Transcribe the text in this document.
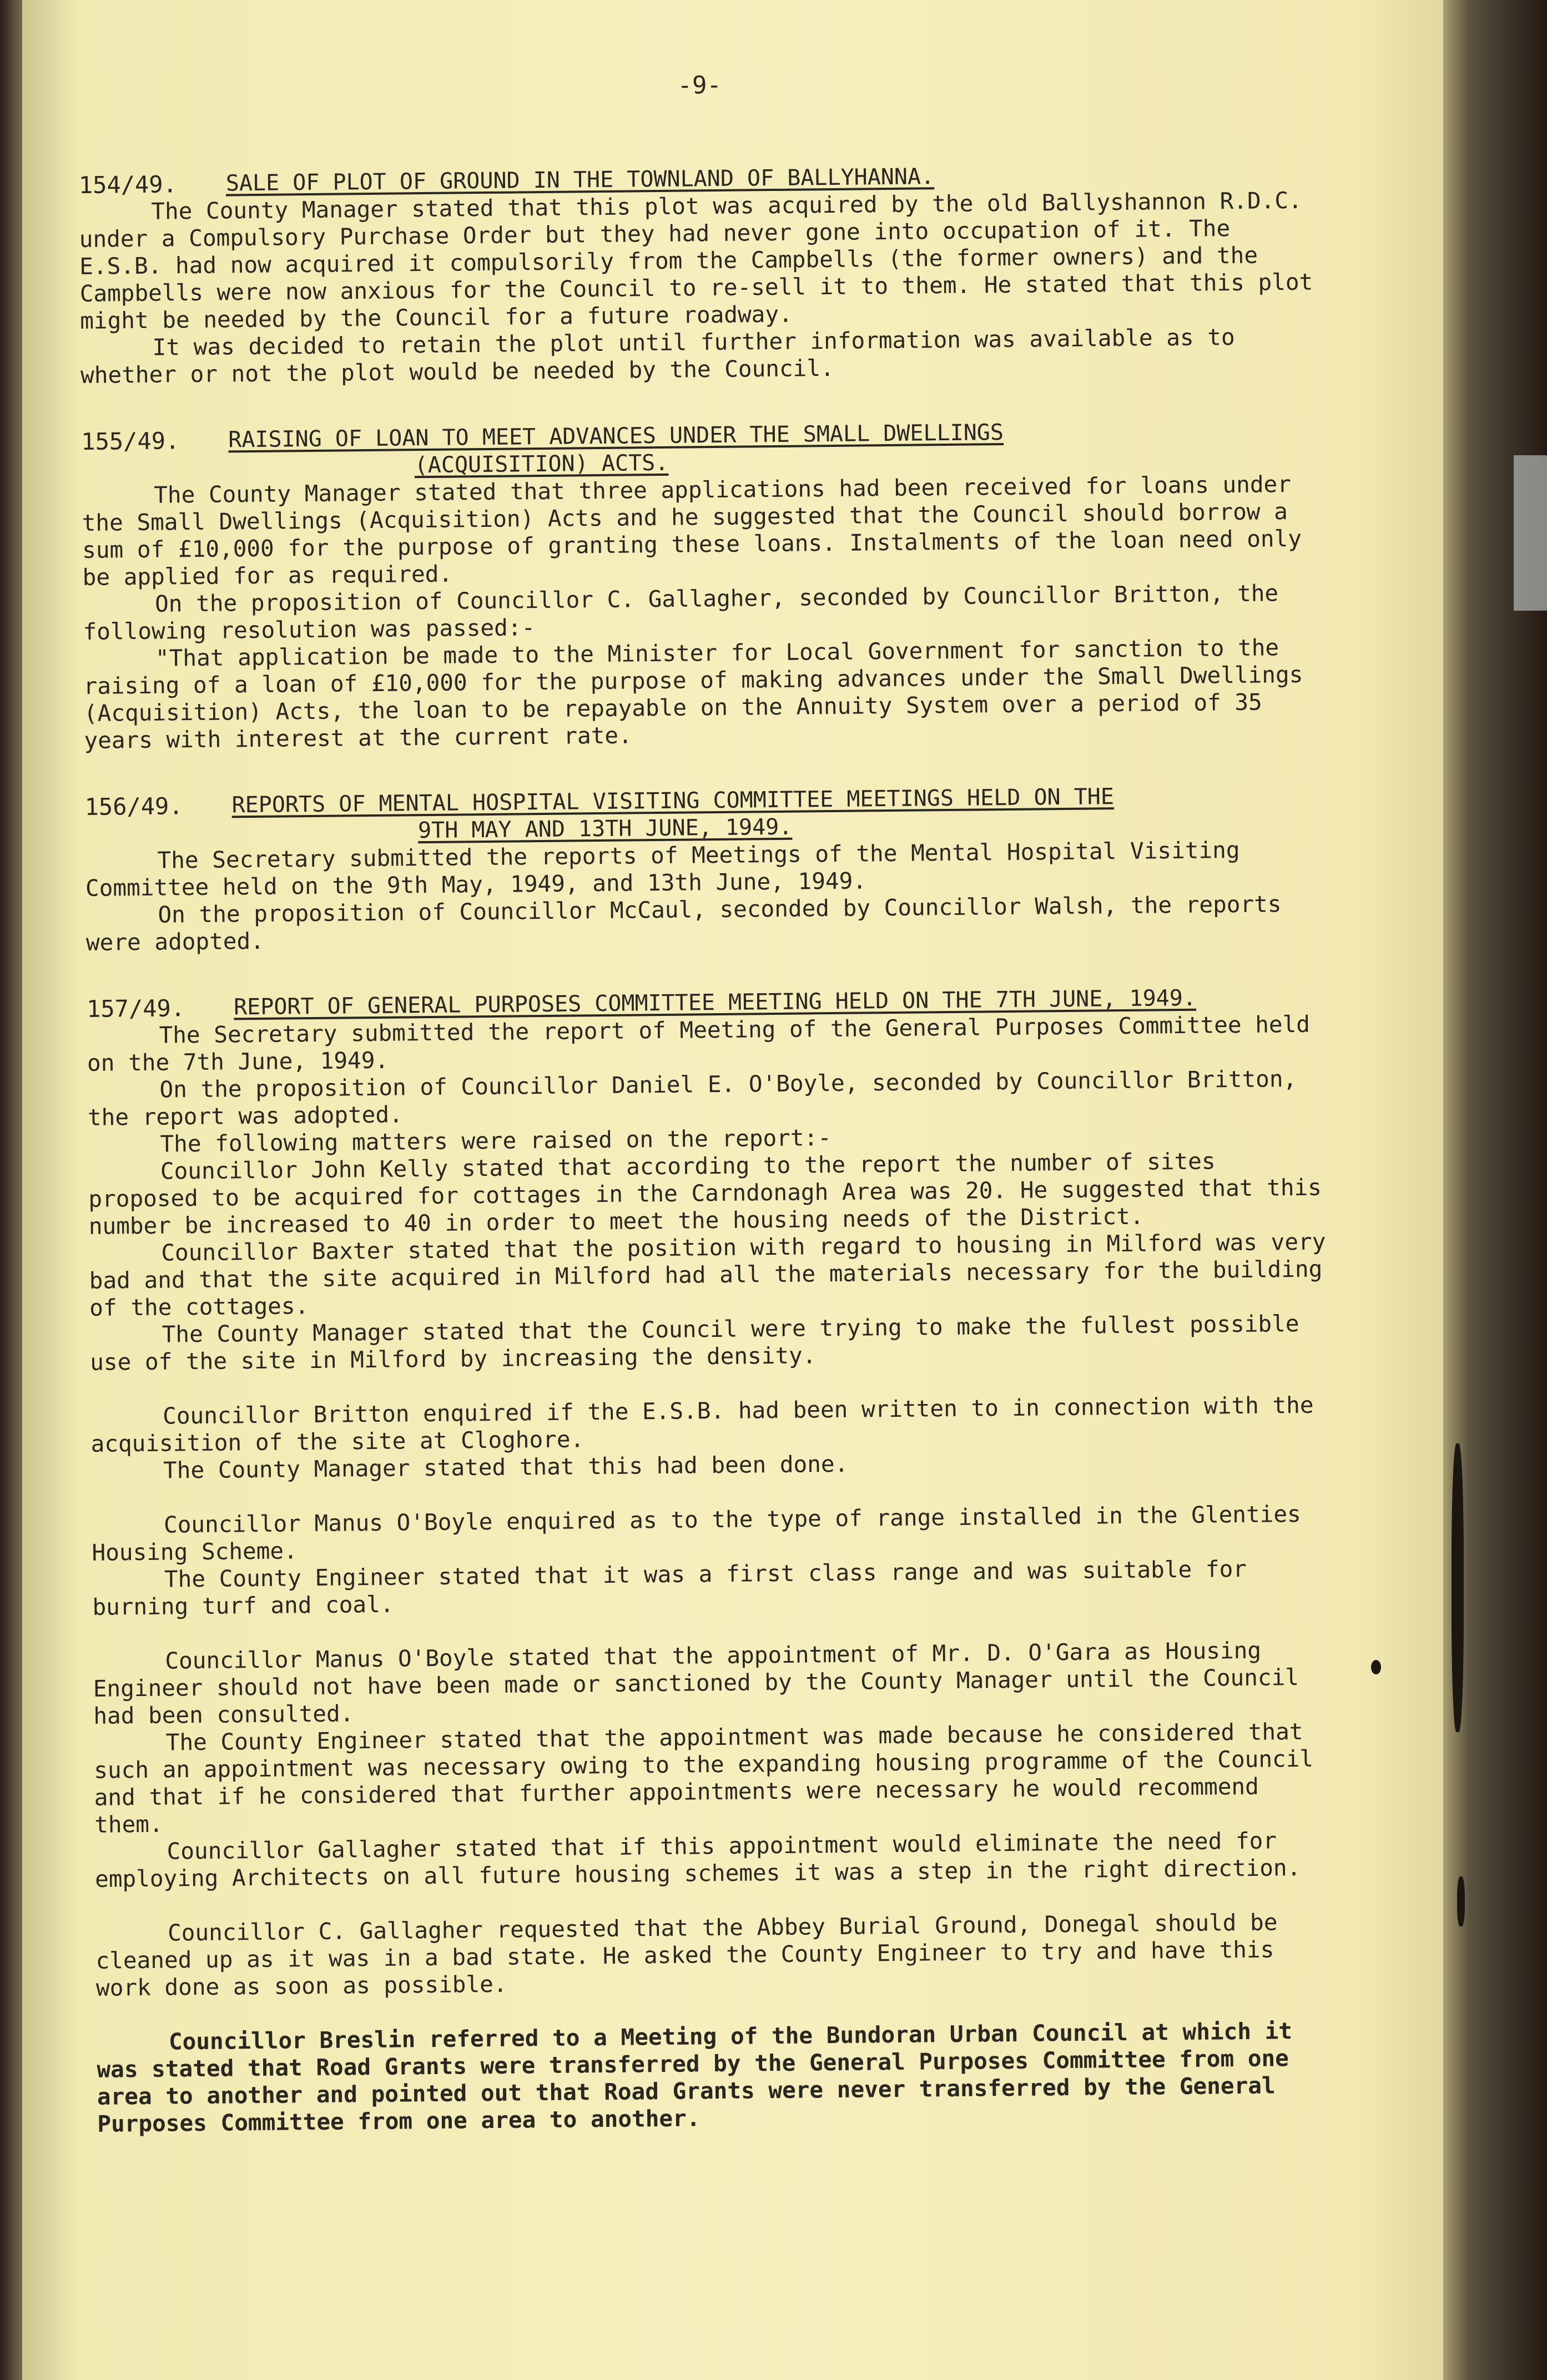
-9-
154/49.	SALE OF PLOT OF GROUND IN THE TOWNLAND OF BALLYHANNA.

The County Manager stated that this plot was acquired by the old Ballyshannon R.D.C. under a Compulsory Purchase Order but they had never gone into occupation of it. The E.S.B. had now acquired it compulsorily from the Campbells (the former owners) and the Campbells were now anxious for the Council to re-sell it to them. He stated that this plot might be needed by the Council for a future roadway.

It was decided to retain the plot until further information was available as to whether or not the plot would be needed by the Council.

155/49.	RAISING OF LOAN TO MEET ADVANCES UNDER THE SMALL DWELLINGS
(ACQUISITION) ACTS.

The County Manager stated that three applications had been received for loans under the Small Dwellings (Acquisition) Acts and he suggested that the Council should borrow a sum of £10,000 for the purpose of granting these loans. Instalments of the loan need only be applied for as required.

On the proposition of Councillor C. Gallagher, seconded by Councillor Britton, the following resolution was passed:-

"That application be made to the Minister for Local Government for sanction to the raising of a loan of £10,000 for the purpose of making advances under the Small Dwellings (Acquisition) Acts, the loan to be repayable on the Annuity System over a period of 35 years with interest at the current rate.

156/49.	REPORTS OF MENTAL HOSPITAL VISITING COMMITTEE MEETINGS HELD ON THE
9TH MAY AND 13TH JUNE, 1949.

The Secretary submitted the reports of Meetings of the Mental Hospital Visiting Committee held on the 9th May, 1949, and 13th June, 1949.

On the proposition of Councillor McCaul, seconded by Councillor Walsh, the reports were adopted.

157/49.	REPORT OF GENERAL PURPOSES COMMITTEE MEETING HELD ON THE 7TH JUNE, 1949.

The Secretary submitted the report of Meeting of the General Purposes Committee held on the 7th June, 1949.

On the proposition of Councillor Daniel E. O'Boyle, seconded by Councillor Britton, the report was adopted.

The following matters were raised on the report:-

Councillor John Kelly stated that according to the report the number of sites proposed to be acquired for cottages in the Carndonagh Area was 20. He suggested that this number be increased to 40 in order to meet the housing needs of the District.

Councillor Baxter stated that the position with regard to housing in Milford was very bad and that the site acquired in Milford had all the materials necessary for the building of the cottages.

The County Manager stated that the Council were trying to make the fullest possible use of the site in Milford by increasing the density.

Councillor Britton enquired if the E.S.B. had been written to in connection with the acquisition of the site at Cloghore.

The County Manager stated that this had been done.

Councillor Manus O'Boyle enquired as to the type of range installed in the Glenties Housing Scheme.

The County Engineer stated that it was a first class range and was suitable for burning turf and coal.

Councillor Manus O'Boyle stated that the appointment of Mr. D. O'Gara as Housing Engineer should not have been made or sanctioned by the County Manager until the Council had been consulted.

The County Engineer stated that the appointment was made because he considered that such an appointment was necessary owing to the expanding housing programme of the Council and that if he considered that further appointments were necessary he would recommend them.

Councillor Gallagher stated that if this appointment would eliminate the need for employing Architects on all future housing schemes it was a step in the right direction.

Councillor C. Gallagher requested that the Abbey Burial Ground, Donegal should be cleaned up as it was in a bad state. He asked the County Engineer to try and have this work done as soon as possible.

Councillor Breslin referred to a Meeting of the Bundoran Urban Council at which it was stated that Road Grants were transferred by the General Purposes Committee from one area to another and pointed out that Road Grants were never transferred by the General Purposes Committee from one area to another.
